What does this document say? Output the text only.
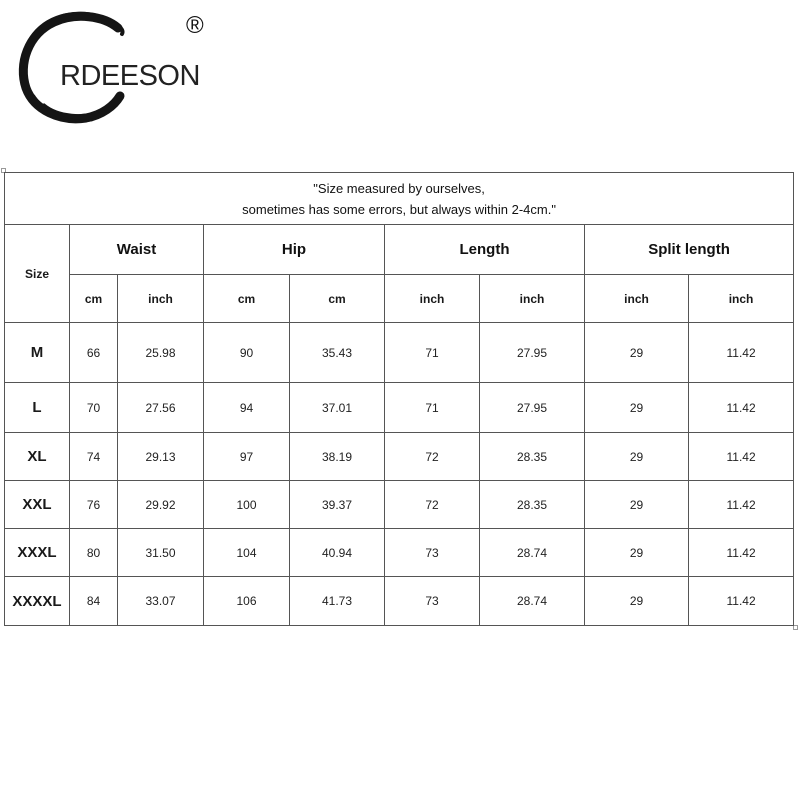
RDEESON
®
"Size measured by ourselves,
sometimes has some errors, but always within 2-4cm."								

Size	Waist		Hip		Length		Split length	
	cm	inch	cm	cm	inch	inch	inch	inch
M	66	25.98	90	35.43	71	27.95	29	11.42
L	70	27.56	94	37.01	71	27.95	29	11.42
XL	74	29.13	97	38.19	72	28.35	29	11.42
XXL	76	29.92	100	39.37	72	28.35	29	11.42
XXXL	80	31.50	104	40.94	73	28.74	29	11.42
XXXXL	84	33.07	106	41.73	73	28.74	29	11.42
